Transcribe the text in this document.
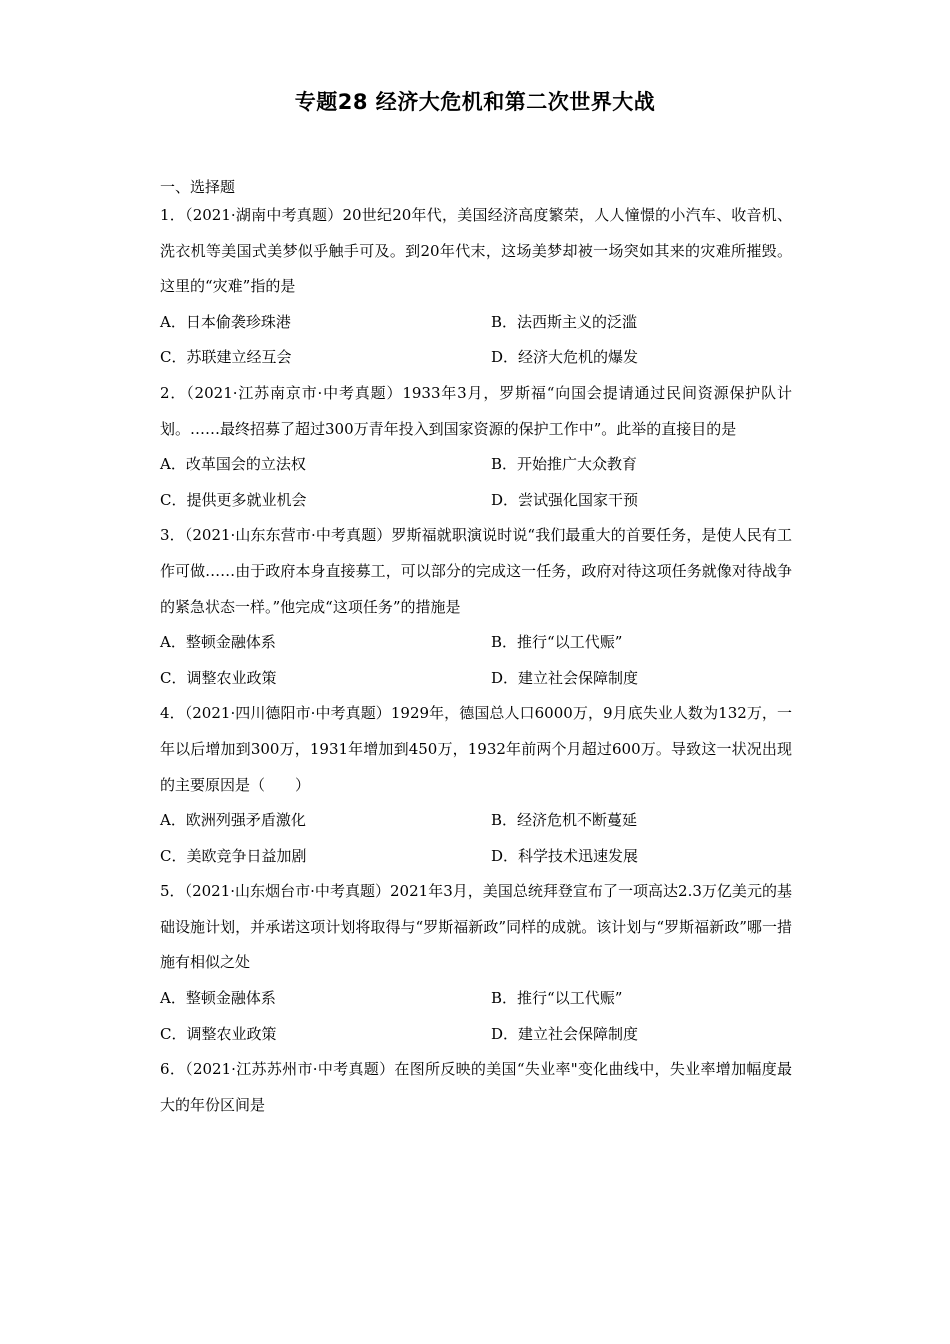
专题28 经济大危机和第二次世界大战
一、选择题

1．（2021·湖南中考真题）20世纪20年代，美国经济高度繁荣，人人憧憬的小汽车、收音机、洗衣机等美国式美梦似乎触手可及。到20年代末，这场美梦却被一场突如其来的灾难所摧毁。这里的“灾难”指的是

A．日本偷袭珍珠港	B．法西斯主义的泛滥
C．苏联建立经互会	D．经济大危机的爆发

2．（2021·江苏南京市·中考真题）1933年3月，罗斯福“向国会提请通过民间资源保护队计划。……最终招募了超过300万青年投入到国家资源的保护工作中”。此举的直接目的是

A．改革国会的立法权	B．开始推广大众教育
C．提供更多就业机会	D．尝试强化国家干预

3．（2021·山东东营市·中考真题）罗斯福就职演说时说“我们最重大的首要任务，是使人民有工作可做……由于政府本身直接募工，可以部分的完成这一任务，政府对待这项任务就像对待战争的紧急状态一样。”他完成“这项任务”的措施是

A．整顿金融体系	B．推行“以工代赈”
C．调整农业政策	D．建立社会保障制度

4．（2021·四川德阳市·中考真题）1929年，德国总人口6000万，9月底失业人数为132万，一年以后增加到300万，1931年增加到450万，1932年前两个月超过600万。导致这一状况出现的主要原因是（　　）

A．欧洲列强矛盾激化	B．经济危机不断蔓延
C．美欧竞争日益加剧	D．科学技术迅速发展

5．（2021·山东烟台市·中考真题）2021年3月，美国总统拜登宣布了一项高达2.3万亿美元的基础设施计划，并承诺这项计划将取得与“罗斯福新政”同样的成就。该计划与“罗斯福新政”哪一措施有相似之处

A．整顿金融体系	B．推行“以工代赈”
C．调整农业政策	D．建立社会保障制度

6．（2021·江苏苏州市·中考真题）在图所反映的美国“失业率"变化曲线中，失业率增加幅度最大的年份区间是
